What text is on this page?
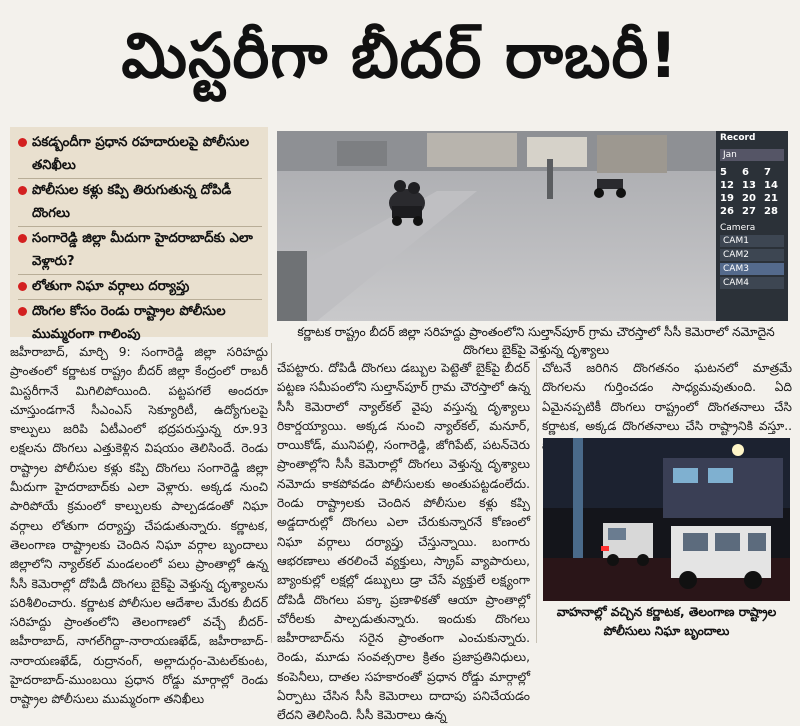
మిస్టరీగా బీదర్ రాబరీ!
పకడ్బందీగా ప్రధాన రహదారులపై పోలీసుల తనిఖీలు
పోలీసుల కళ్లు కప్పి తిరుగుతున్న దోపిడీ దొంగలు
సంగారెడ్డి జిల్లా మీదుగా హైదరాబాద్‌కు ఎలా వెళ్లారు?
లోతుగా నిఘా వర్గాలు దర్యాప్తు
దొంగల కోసం రెండు రాష్ట్రాల పోలీసుల ముమ్మరంగా గాలింపు
Record
Jan
5	6	7
12 13 14
19 20 21
26 27 28
Camera
CAM1
CAM2
CAM3
CAM4
కర్ణాటక రాష్ట్రం బీదర్ జిల్లా సరిహద్దు ప్రాంతంలోని సుల్తాన్‌పూర్ గ్రామ చౌరస్తాలో సీసీ కెమెరాలో నమోదైన దొంగలు బైక్‌పై వెళ్తున్న దృశ్యాలు
జహీరాబాద్, మార్చి 9: సంగారెడ్డి జిల్లా సరిహద్దు ప్రాంతంలో కర్ణాటక రాష్ట్రం బీదర్ జిల్లా కేంద్రంలో రాబరీ మిస్టరీగానే మిగిలిపోయింది. పట్టపగలే అందరూ చూస్తుండగానే సీఎంఎస్ సెక్యూరిటీ, ఉద్యోగులపై కాల్పులు జరిపి ఏటీఎంలో భద్రపరుస్తున్న రూ.93 లక్షలను దొంగలు ఎత్తుకెళ్లిన విషయం తెలిసిందే. రెండు రాష్ట్రాల పోలీసుల కళ్లు కప్పి దొంగలు సంగారెడ్డి జిల్లా మీదుగా హైదరాబాద్‌కు ఎలా వెళ్లారు. అక్కడ నుంచి పారిపోయే క్రమంలో కాల్పులకు పాల్పడడంతో నిఘా వర్గాలు లోతుగా దర్యాప్తు చేపడుతున్నారు. కర్ణాటక, తెలంగాణ రాష్ట్రాలకు చెందిన నిఘా వర్గాల బృందాలు జిల్లాలోని న్యాల్‌కల్ మండలంలో పలు ప్రాంతాల్లో ఉన్న సీసీ కెమెరాల్లో దోపిడీ దొంగలు బైక్‌పై వెళ్తున్న దృశ్యాలను పరిశీలించారు. కర్ణాటక పోలీసుల ఆదేశాల మేరకు బీదర్ సరిహద్దు ప్రాంతంలోని తెలంగాణలో వచ్చే బీదర్-జహీరాబాద్, నాగల్‌గిద్దా-నారాయణఖేడ్, జహీరాబాద్-నారాయణఖేడ్, రుద్రానంగ్, అల్లాదుర్గం-మెటల్‌కుంట, హైదరాబాద్-ముంబయి ప్రధాన రోడ్డు మార్గాల్లో రెండు రాష్ట్రాల పోలీసులు ముమ్మరంగా తనిఖీలు
చేపట్టారు. దోపిడీ దొంగలు డబ్బుల పెట్టెతో బైక్‌పై బీదర్ పట్టణ సమీపంలోని సుల్తాన్‌పూర్ గ్రామ చౌరస్తాలో ఉన్న సీసీ కెమెరాలో న్యాల్‌కల్ వైపు వస్తున్న దృశ్యాలు రికార్డయ్యాయి. అక్కడ నుంచి న్యాల్‌కల్, మనూర్, రాయికోడ్, మునిపల్లి, సంగారెడ్డి, జోగిపేట్, పటన్‌చెరు ప్రాంతాల్లోని సీసీ కెమెరాల్లో దొంగలు వెళ్తున్న దృశ్యాలు నమోదు కాకపోవడం పోలీసులకు అంతుపట్టడంలేదు. రెండు రాష్ట్రాలకు చెందిన పోలీసుల కళ్లు కప్పి అడ్డదారుల్లో దొంగలు ఎలా చేరుకున్నారనే కోణంలో నిఘా వర్గాలు దర్యాప్తు చేస్తున్నాయి. బంగారు ఆభరణాలు తరలించే వ్యక్తులు, స్క్రాప్ వ్యాపారులు, బ్యాంకుల్లో లక్షల్లో డబ్బులు డ్రా చేసే వ్యక్తులే లక్ష్యంగా దోపిడీ దొంగలు పక్కా ప్రణాళికతో ఆయా ప్రాంతాల్లో చోరీలకు పాల్పడుతున్నారు. ఇందుకు దొంగలు జహీరాబాద్‌ను సరైన ప్రాంతంగా ఎంచుకున్నారు. రెండు, మూడు సంవత్సరాల క్రితం ప్రజాప్రతినిధులు, కంపెనీలు, దాతల సహకారంతో ప్రధాన రోడ్డు మార్గాల్లో ఏర్పాటు చేసిన సీసీ కెమెరాలు దాదాపు పనిచేయడం లేదని తెలిసింది. సీసీ కెమెరాలు ఉన్న
చోటనే జరిగిన దొంగతనం ఘటనలో మాత్రమే దొంగలను గుర్తించడం సాధ్యమవుతుంది. ఏది ఏమైనప్పటికీ దొంగలు రాష్ట్రంలో దొంగతనాలు చేసి కర్ణాటక, అక్కడ దొంగతనాలు చేసి రాష్ట్రానికి వస్తూ..
వాహనాల్లో వచ్చిన కర్ణాటక, తెలంగాణ రాష్ట్రాల పోలీసులు నిఘా బృందాలు
